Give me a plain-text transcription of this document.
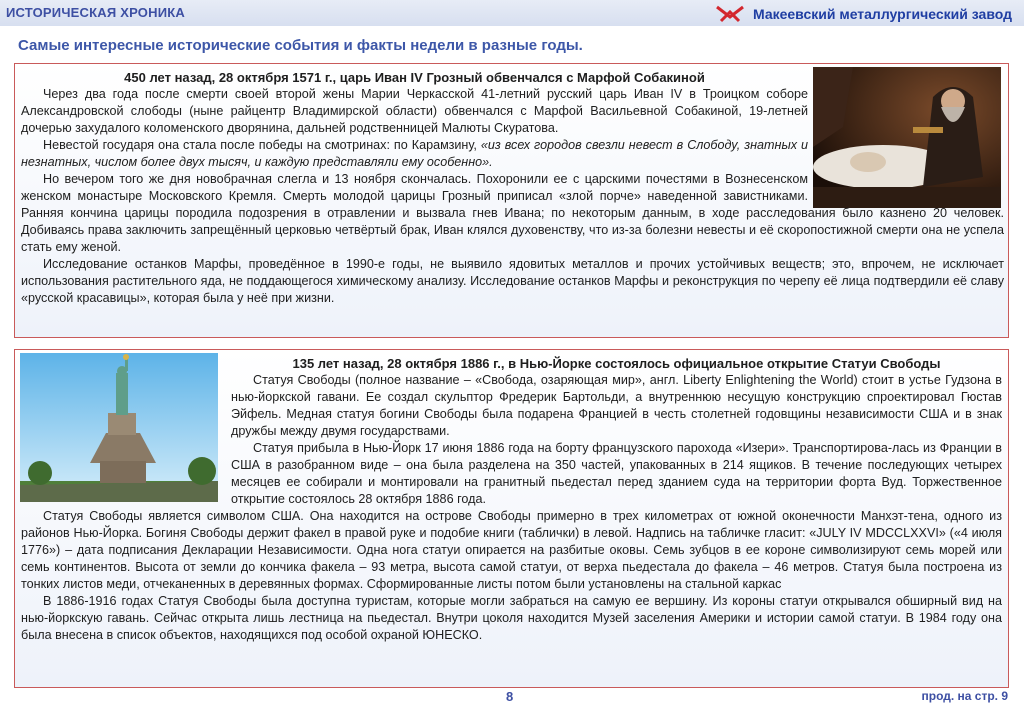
ИСТОРИЧЕСКАЯ ХРОНИКА	Макеевский металлургический завод
Самые интересные исторические события и факты недели в разные годы.
450 лет назад, 28 октября 1571 г., царь Иван IV Грозный обвенчался с Марфой Собакиной

Через два года после смерти своей второй жены Марии Черкасской 41-летний русский царь Иван IV в Троицком соборе Александровской слободы (ныне райцентр Владимирской области) обвенчался с Марфой Васильевной Собакиной, 19-летней дочерью захудалого коломенского дворянина, дальней родственницей Малюты Скуратова.

Невестой государя она стала после победы на смотринах: по Карамзину, «из всех городов свезли невест в Слободу, знатных и незнатных, числом более двух тысяч, и каждую представляли ему особенно».

Но вечером того же дня новобрачная слегла и 13 ноября скончалась. Похоронили ее с царскими почестями в Вознесенском женском монастыре Московского Кремля. Смерть молодой царицы Грозный приписал «злой порче» наведенной завистниками. Ранняя кончина царицы породила подозрения в отравлении и вызвала гнев Ивана; по некоторым данным, в ходе расследования было казнено 20 человек. Добиваясь права заключить запрещённый церковью четвёртый брак, Иван клялся духовенству, что из-за болезни невесты и её скоропостижной смерти она не успела стать ему женой.

Исследование останков Марфы, проведённое в 1990-е годы, не выявило ядовитых металлов и прочих устойчивых веществ; это, впрочем, не исключает использования растительного яда, не поддающегося химическому анализу. Исследование останков Марфы и реконструкция по черепу её лица подтвердили её славу «русской красавицы», которая была у неё при жизни.

135 лет назад, 28 октября 1886 г., в Нью-Йорке состоялось официальное открытие Статуи Свободы

Статуя Свободы (полное название – «Свобода, озаряющая мир», англ. Liberty Enlightening the World) стоит в устье Гудзона в нью-йоркской гавани. Ее создал скульптор Фредерик Бартольди, а внутреннюю несущую конструкцию спроектировал Гюстав Эйфель. Медная статуя богини Свободы была подарена Францией в честь столетней годовщины независимости США и в знак дружбы между двумя государствами.

Статуя прибыла в Нью-Йорк 17 июня 1886 года на борту французского парохода «Изери». Транспортирова-лась из Франции в США в разобранном виде – она была разделена на 350 частей, упакованных в 214 ящиков. В течение последующих четырех месяцев ее собирали и монтировали на гранитный пьедестал перед зданием суда на территории форта Вуд. Торжественное открытие состоялось 28 октября 1886 года.

Статуя Свободы является символом США. Она находится на острове Свободы примерно в трех километрах от южной оконечности Манхэт-тена, одного из районов Нью-Йорка. Богиня Свободы держит факел в правой руке и подобие книги (таблички) в левой. Надпись на табличке гласит: «JULY IV MDCCLXXVI» («4 июля 1776») – дата подписания Декларации Независимости. Одна нога статуи опирается на разбитые оковы. Семь зубцов в ее короне символизируют семь морей или семь континентов. Высота от земли до кончика факела – 93 метра, высота самой статуи, от верха пьедестала до факела – 46 метров. Статуя была построена из тонких листов меди, отчеканенных в деревянных формах. Сформированные листы потом были установлены на стальной каркас

В 1886-1916 годах Статуя Свободы была доступна туристам, которые могли забраться на самую ее вершину. Из короны статуи открывался обширный вид на нью-йоркскую гавань. Сейчас открыта лишь лестница на пьедестал. Внутри цоколя находится Музей заселения Америки и истории самой статуи. В 1984 году она была внесена в список объектов, находящихся под особой охраной ЮНЕСКО.

8	прод. на стр. 9
